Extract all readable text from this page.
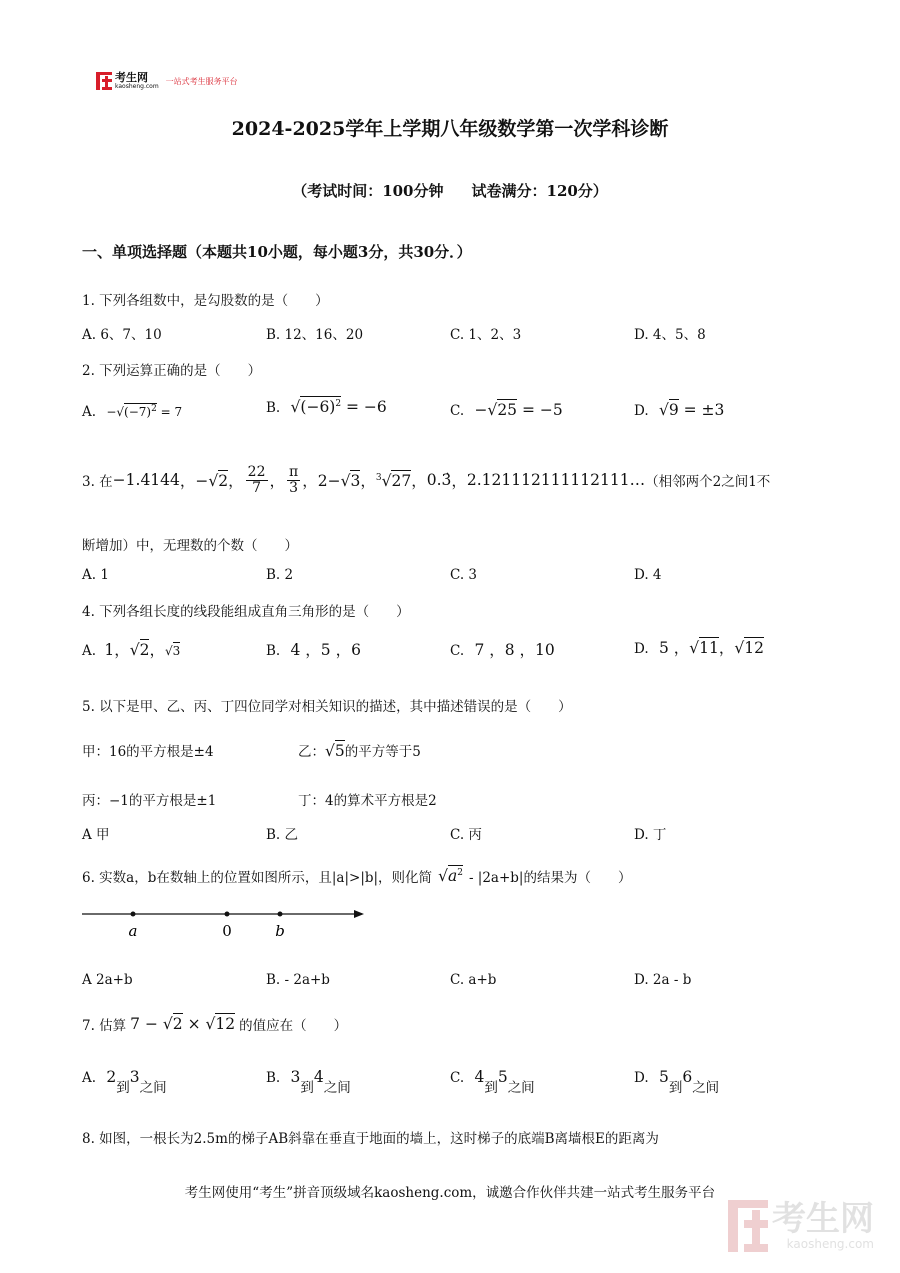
考生网
kaosheng.com
一站式考生服务平台
2024-2025学年上学期八年级数学第一次学科诊断
（考试时间：100分钟 试卷满分：120分）
一、单项选择题（本题共10小题，每小题3分，共30分．）
1. 下列各组数中，是勾股数的是（　　）
A. 6、7、10	B. 12、16、20	C. 1、2、3	D. 4、5、8
2. 下列运算正确的是（　　）
A. $-√(-7)^2 = 7$	B. $√(-6)^2 = -6$	C. −√25 = −5	D. √9 = ±3
3. 在 −1.4144 ，−√2， $\frac{22}{7}$ ， $\frac{\pi}{3}$ ，2−√3，$^3$√27， 0.3̇ ， 2.121112111112111… （相邻两个2之间1不
断增加）中，无理数的个数（　　）
A. 1	B. 2	C. 3	D. 4
4. 下列各组长度的线段能组成直角三角形的是（　　）
A. 1，√2，√3	B. 4 ，5 ，6	C. 7 ，8 ，10	D. 5 ，√11，√12
5. 以下是甲、乙、丙、丁四位同学对相关知识的描述，其中描述错误的是（　　）
甲：16的平方根是±4	乙：√5的平方等于5
丙：−1的平方根是±1	丁：4的算术平方根是2
A 甲	B. 乙	C. 丙	D. 丁
6. 实数a，b在数轴上的位置如图所示，且|a|>|b|，则化简 $√a^2 - |2a+b|$的结果为（　　）
a	0	b
A 2a+b	B. - 2a+b	C. a+b	D. 2a - b
7. 估算 7 − √2 × √12 的值应在（　　）
A. 2到3之间
B. 3到4之间
C. 4到5之间
D. 5到6之间
8. 如图，一根长为2.5m的梯子AB斜靠在垂直于地面的墙上，这时梯子的底端B离墙根E的距离为
考生网使用“考生”拼音顶级域名kaosheng.com，诚邀合作伙伴共建一站式考生服务平台
考生网
kaosheng.com
